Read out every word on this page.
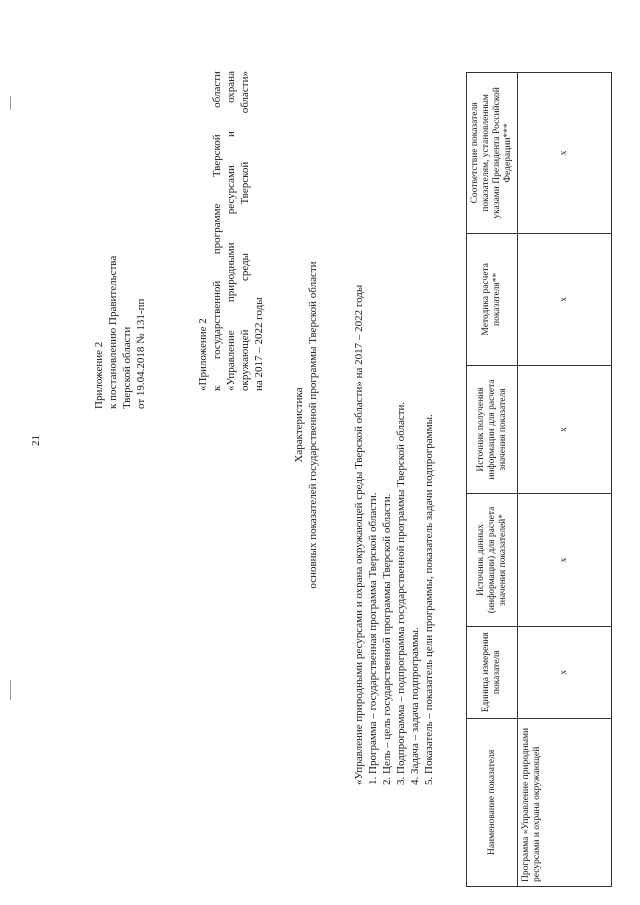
21
Приложение 2 к постановлению Правительства Тверской области от 19.04.2018 № 131-пп	«Приложение 2 к
государственной
программе
Тверской
области
«Управление
природными
ресурсами
и
охрана
окружающей
среды
Тверской
области»
на 2017 – 2022 годы
Характеристика основных показателей государственной программы Тверской области	«Управление природными ресурсами и охрана окружающей среды Тверской области» на 2017 – 2022 годы 1. Программа – государственная программа Тверской области. 2. Цель – цель государственной программы Тверской области. 3. Подпрограмма – подпрограмма государственной программы Тверской области. 4. Задача – задача подпрограммы. 5. Показатель – показатель цели программы, показатель задачи подпрограммы.
Наименование показателя	Единица измерения показателя	Источник данных (информации) для расчета значения показателей*	Источник получения информации для расчета значения показателя	Методика расчета показателя**	Соответствие показателя показателям, установленным указами Президента Российской Федерации***
Программа «Управление природными ресурсами и охрана окружающей	х	х	х	х	х
